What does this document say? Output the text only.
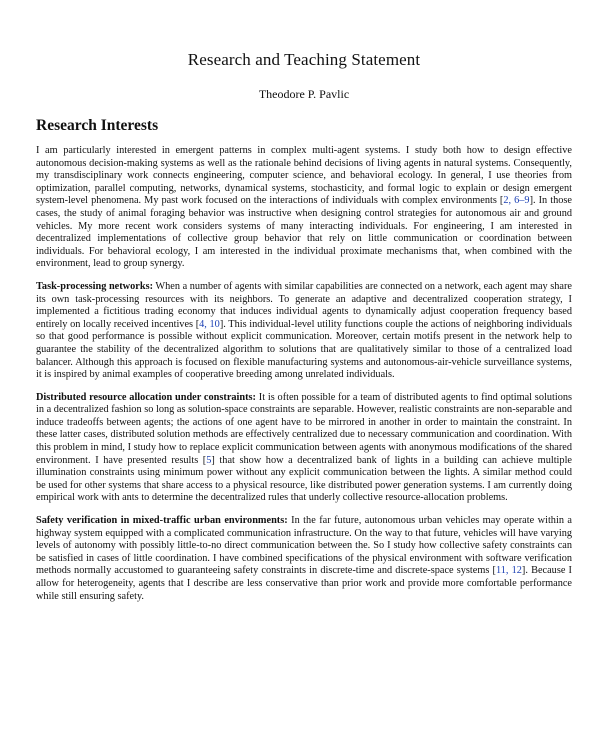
Research and Teaching Statement
Theodore P. Pavlic
Research Interests

I am particularly interested in emergent patterns in complex multi-agent systems. I study both how to design effective autonomous decision-making systems as well as the rationale behind decisions of living agents in natural systems. Consequently, my transdisciplinary work connects engineering, computer science, and behavioral ecology. In general, I use theories from optimization, parallel computing, networks, dynamical systems, stochasticity, and formal logic to explain or design emergent system-level phenomena. My past work focused on the interactions of individuals with complex environments [2, 6–9]. In those cases, the study of animal foraging behavior was instructive when designing control strategies for autonomous air and ground vehicles. My more recent work considers systems of many interacting individuals. For engineering, I am interested in decentralized implementations of collective group behavior that rely on little communication or coordination between individuals. For behavioral ecology, I am interested in the individual proximate mechanisms that, when combined with the environment, lead to group synergy.

Task-processing networks: When a number of agents with similar capabilities are connected on a network, each agent may share its own task-processing resources with its neighbors. To generate an adaptive and decentralized cooperation strategy, I implemented a fictitious trading economy that induces individual agents to dynamically adjust cooperation frequency based entirely on locally received incentives [4, 10]. This individual-level utility functions couple the actions of neighboring individuals so that good performance is possible without explicit communication. Moreover, certain motifs present in the network help to guarantee the stability of the decentralized algorithm to solutions that are qualitatively similar to those of a centralized load balancer. Although this approach is focused on flexible manufacturing systems and autonomous-air-vehicle surveillance systems, it is inspired by animal examples of cooperative breeding among unrelated individuals.

Distributed resource allocation under constraints: It is often possible for a team of distributed agents to find optimal solutions in a decentralized fashion so long as solution-space constraints are separable. However, realistic constraints are non-separable and induce tradeoffs between agents; the actions of one agent have to be mirrored in another in order to maintain the constraint. In these latter cases, distributed solution methods are effectively centralized due to necessary communication and coordination. With this problem in mind, I study how to replace explicit communication between agents with anonymous modifications of the shared environment. I have presented results [5] that show how a decentralized bank of lights in a building can achieve multiple illumination constraints using minimum power without any explicit communication between the lights. A similar method could be used for other systems that share access to a physical resource, like distributed power generation systems. I am currently doing empirical work with ants to determine the decentralized rules that underly collective resource-allocation problems.

Safety verification in mixed-traffic urban environments: In the far future, autonomous urban vehicles may operate within a highway system equipped with a complicated communication infrastructure. On the way to that future, vehicles will have varying levels of autonomy with possibly little-to-no direct communication between the. So I study how collective safety constraints can be satisfied in cases of little coordination. I have combined specifications of the physical environment with software verification methods normally accustomed to guaranteeing safety constraints in discrete-time and discrete-space systems [11, 12]. Because I allow for heterogeneity, agents that I describe are less conservative than prior work and provide more comfortable performance while still ensuring safety.
